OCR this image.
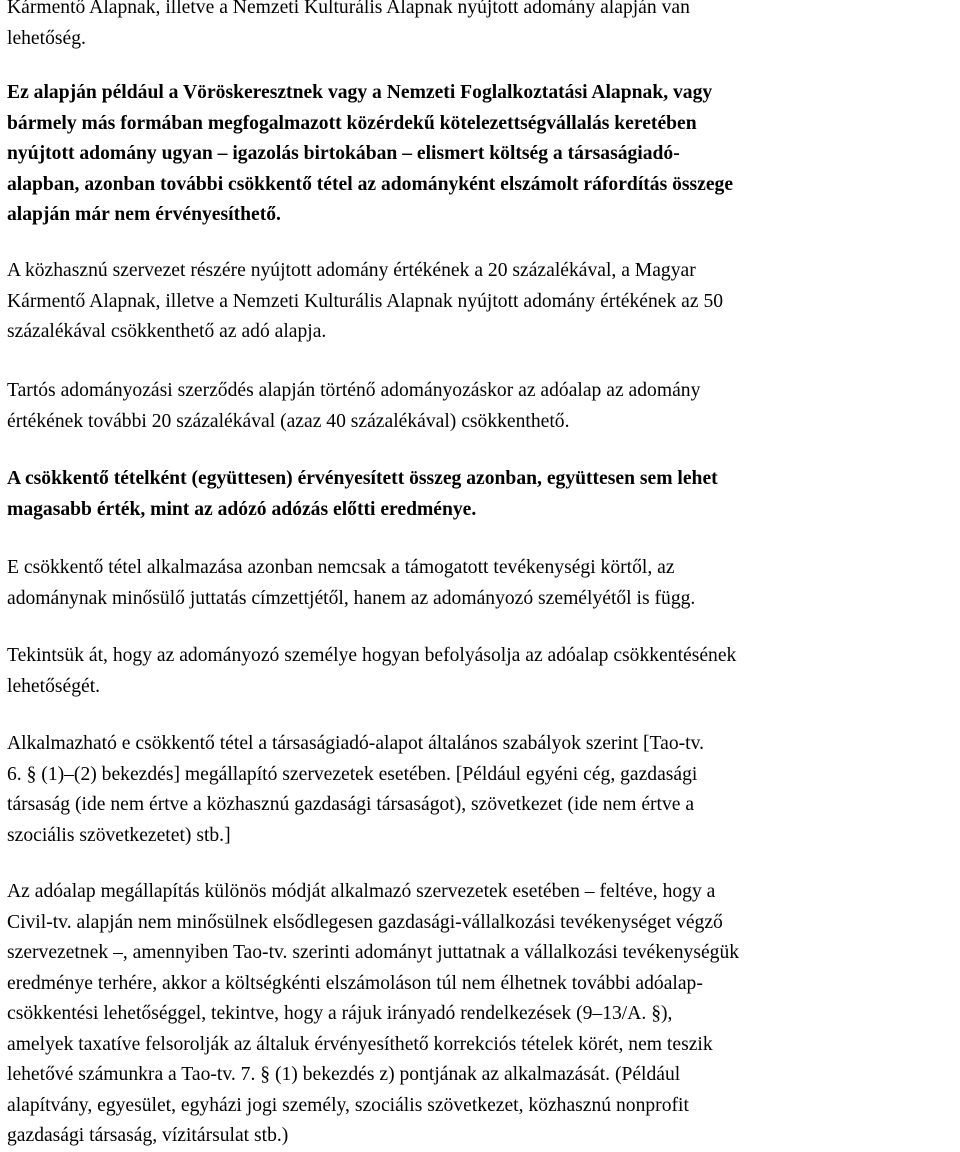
Kármentő Alapnak, illetve a Nemzeti Kulturális Alapnak nyújtott adomány alapján van
lehetőség.
Ez alapján például a Vöröskeresztnek vagy a Nemzeti Foglalkoztatási Alapnak, vagy
bármely más formában megfogalmazott közérdekű kötelezettségvállalás keretében
nyújtott adomány ugyan – igazolás birtokában – elismert költség a társaságiadó-
alapban, azonban további csökkentő tétel az adományként elszámolt ráfordítás összege
alapján már nem érvényesíthető.
A közhasznú szervezet részére nyújtott adomány értékének a 20 százalékával, a Magyar
Kármentő Alapnak, illetve a Nemzeti Kulturális Alapnak nyújtott adomány értékének az 50
százalékával csökkenthető az adó alapja.
Tartós adományozási szerződés alapján történő adományozáskor az adóalap az adomány
értékének további 20 százalékával (azaz 40 százalékával) csökkenthető.
A csökkentő tételként (együttesen) érvényesített összeg azonban, együttesen sem lehet
magasabb érték, mint az adózó adózás előtti eredménye.
E csökkentő tétel alkalmazása azonban nemcsak a támogatott tevékenységi körtől, az
adománynak minősülő juttatás címzettjétől, hanem az adományozó személyétől is függ.
Tekintsük át, hogy az adományozó személye hogyan befolyásolja az adóalap csökkentésének
lehetőségét.
Alkalmazható e csökkentő tétel a társaságiadó-alapot általános szabályok szerint [Tao-tv.
6. § (1)–(2) bekezdés] megállapító szervezetek esetében. [Például egyéni cég, gazdasági
társaság (ide nem értve a közhasznú gazdasági társaságot), szövetkezet (ide nem értve a
szociális szövetkezetet) stb.]
Az adóalap megállapítás különös módját alkalmazó szervezetek esetében – feltéve, hogy a
Civil-tv. alapján nem minősülnek elsődlegesen gazdasági-vállalkozási tevékenységet végző
szervezetnek –, amennyiben Tao-tv. szerinti adományt juttatnak a vállalkozási tevékenységük
eredménye terhére, akkor a költségkénti elszámoláson túl nem élhetnek további adóalap-
csökkentési lehetőséggel, tekintve, hogy a rájuk irányadó rendelkezések (9–13/A. §),
amelyek taxatíve felsorolják az általuk érvényesíthető korrekciós tételek körét, nem teszik
lehetővé számunkra a Tao-tv. 7. § (1) bekezdés z) pontjának az alkalmazását. (Például
alapítvány, egyesület, egyházi jogi személy, szociális szövetkezet, közhasznú nonprofit
gazdasági társaság, vízitársulat stb.)
